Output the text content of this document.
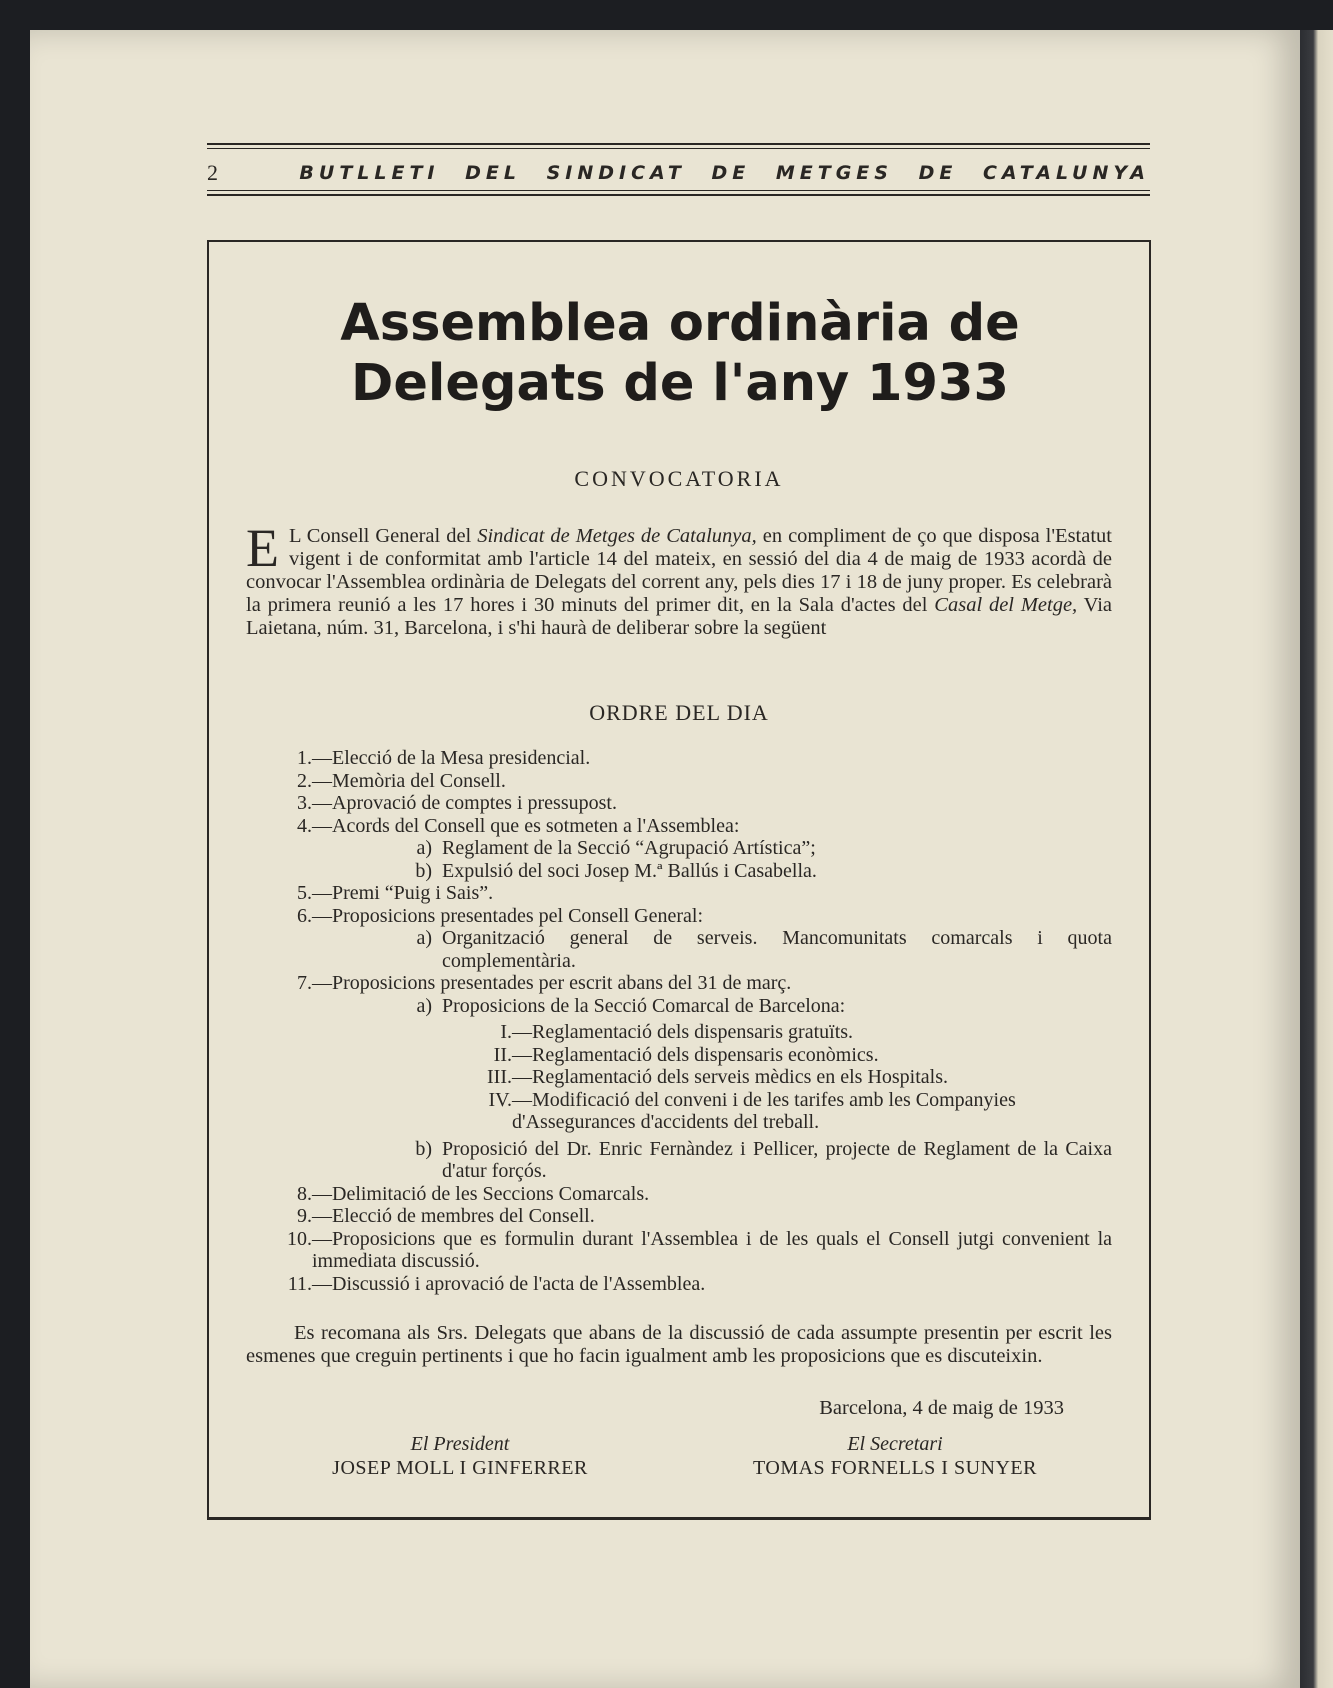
2	BUTLLETI DEL SINDICAT DE METGES DE CATALUNYA
Assemblea ordinària de
Delegats de l'any 1933
CONVOCATORIA
E L Consell General del Sindicat de Metges de Catalunya, en compliment de ço que disposa l'Estatut vigent i de conformitat amb l'article 14 del mateix, en sessió del dia 4 de maig de 1933 acordà de convocar l'Assemblea ordinària de Delegats del corrent any, pels dies 17 i 18 de juny proper. Es celebrarà la primera reunió a les 17 hores i 30 minuts del primer dit, en la Sala d'actes del Casal del Metge, Via Laietana, núm. 31, Barcelona, i s'hi haurà de deliberar sobre la següent
ORDRE DEL DIA
1.—Elecció de la Mesa presidencial.
2.—Memòria del Consell.
3.—Aprovació de comptes i pressupost.
4.—Acords del Consell que es sotmeten a l'Assemblea:
a) Reglament de la Secció “Agrupació Artística”;
b) Expulsió del soci Josep M.ª Ballús i Casabella.
5.—Premi “Puig i Sais”.
6.—Proposicions presentades pel Consell General:
a) Organització general de serveis. Mancomunitats comarcals i quota complementària.
7.—Proposicions presentades per escrit abans del 31 de març.
a) Proposicions de la Secció Comarcal de Barcelona:
I.—Reglamentació dels dispensaris gratuïts.
II.—Reglamentació dels dispensaris econòmics.
III.—Reglamentació dels serveis mèdics en els Hospitals.
IV. —Modificació del conveni i de les tarifes amb les Companyies d'Assegurances d'accidents del treball.
b) Proposició del Dr. Enric Fernàndez i Pellicer, projecte de Reglament de la Caixa d'atur forçós.
8.—Delimitació de les Seccions Comarcals.
9.—Elecció de membres del Consell.
10. —Proposicions que es formulin durant l'Assemblea i de les quals el Consell jutgi convenient la immediata discussió.
11.—Discussió i aprovació de l'acta de l'Assemblea.
Es recomana als Srs. Delegats que abans de la discussió de cada assumpte presentin per escrit les esmenes que creguin pertinents i que ho facin igualment amb les proposicions que es discuteixin.
Barcelona, 4 de maig de 1933
El President
JOSEP MOLL I GINFERRER
El Secretari
TOMAS FORNELLS I SUNYER
